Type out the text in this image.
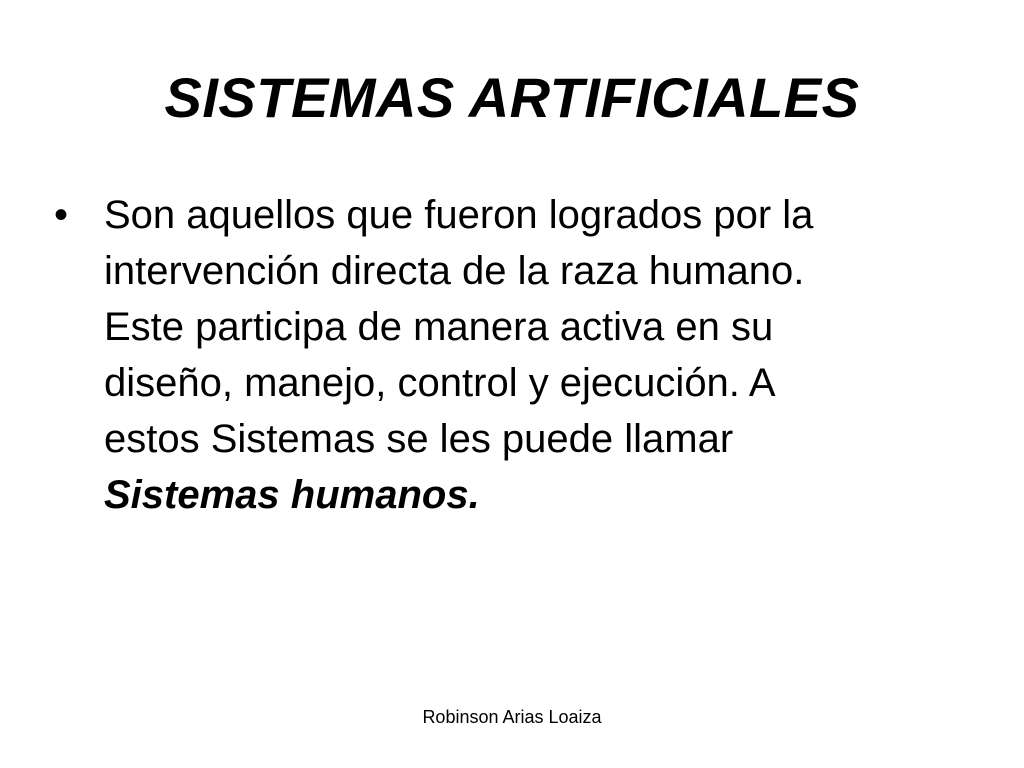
SISTEMAS ARTIFICIALES
• Son aquellos que fueron logrados por la
intervención directa de la raza humano.
Este participa de manera activa en su
diseño, manejo, control y ejecución. A
estos Sistemas se les puede llamar
Sistemas humanos.
Robinson Arias Loaiza
